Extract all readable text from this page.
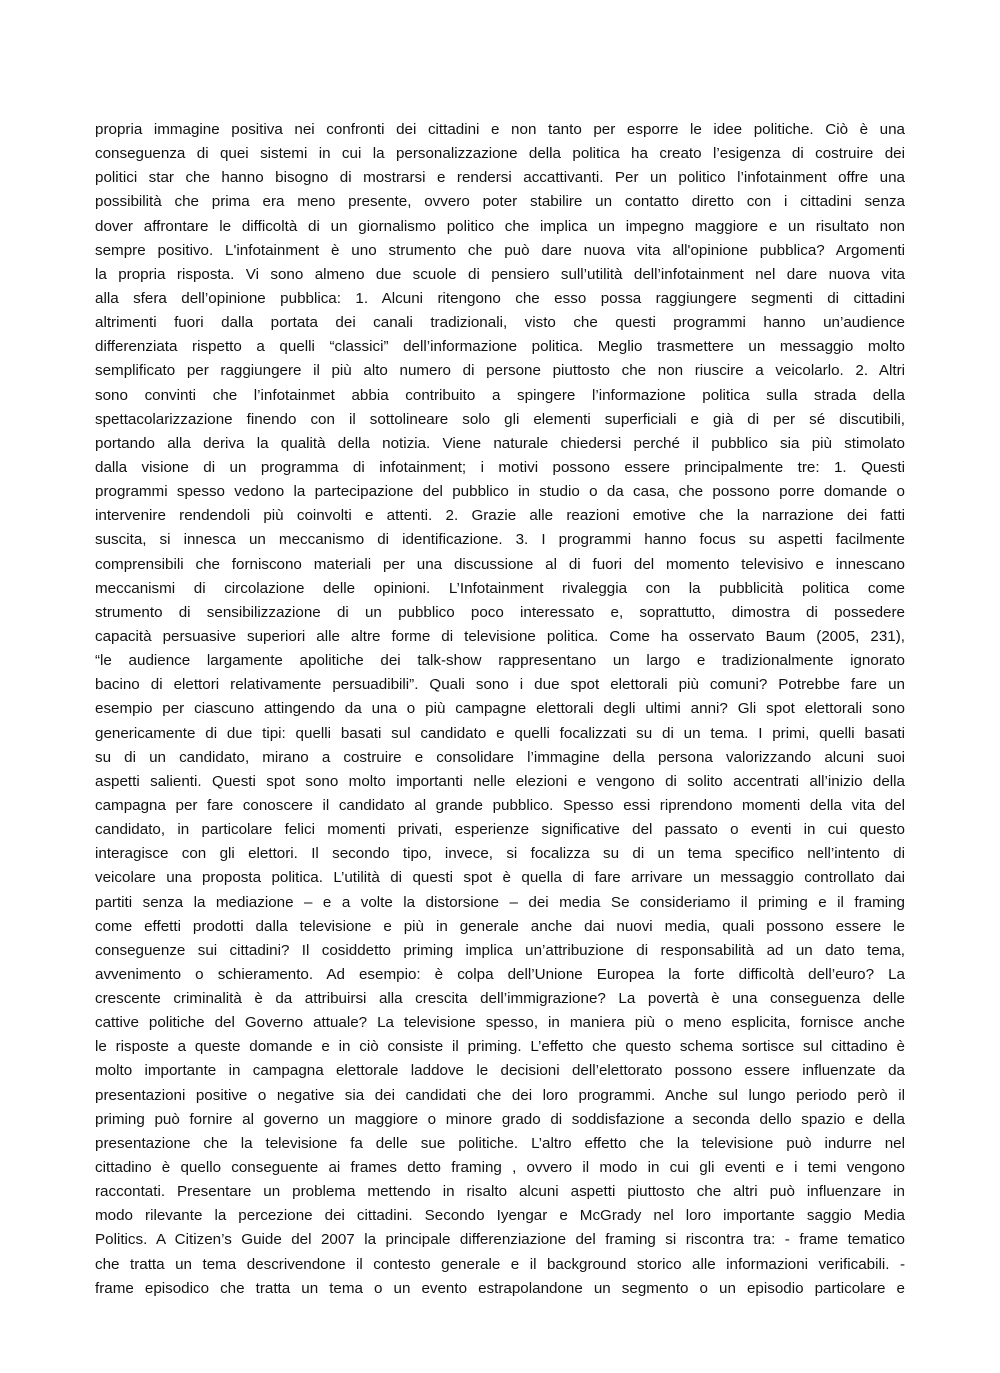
propria immagine positiva nei confronti dei cittadini e non tanto per esporre le idee politiche. Ciò è una
conseguenza di quei sistemi in cui la personalizzazione della politica ha creato l’esigenza di costruire dei
politici star che hanno bisogno di mostrarsi e rendersi accattivanti. Per un politico l’infotainment offre una
possibilità che prima era meno presente, ovvero poter stabilire un contatto diretto con i cittadini senza
dover affrontare le difficoltà di un giornalismo politico che implica un impegno maggiore e un risultato non
sempre positivo. L'infotainment è uno strumento che può dare nuova vita all'opinione pubblica? Argomenti
la propria risposta. Vi sono almeno due scuole di pensiero sull’utilità dell’infotainment nel dare nuova vita
alla sfera dell’opinione pubblica: 1. Alcuni ritengono che esso possa raggiungere segmenti di cittadini
altrimenti fuori dalla portata dei canali tradizionali, visto che questi programmi hanno un’audience
differenziata rispetto a quelli “classici” dell’informazione politica. Meglio trasmettere un messaggio molto
semplificato per raggiungere il più alto numero di persone piuttosto che non riuscire a veicolarlo. 2. Altri
sono convinti che l’infotainmet abbia contribuito a spingere l’informazione politica sulla strada della
spettacolarizzazione finendo con il sottolineare solo gli elementi superficiali e già di per sé discutibili,
portando alla deriva la qualità della notizia. Viene naturale chiedersi perché il pubblico sia più stimolato
dalla visione di un programma di infotainment; i motivi possono essere principalmente tre: 1. Questi
programmi spesso vedono la partecipazione del pubblico in studio o da casa, che possono porre domande o
intervenire rendendoli più coinvolti e attenti. 2. Grazie alle reazioni emotive che la narrazione dei fatti
suscita, si innesca un meccanismo di identificazione. 3. I programmi hanno focus su aspetti facilmente
comprensibili che forniscono materiali per una discussione al di fuori del momento televisivo e innescano
meccanismi di circolazione delle opinioni. L’Infotainment rivaleggia con la pubblicità politica come
strumento di sensibilizzazione di un pubblico poco interessato e, soprattutto, dimostra di possedere
capacità persuasive superiori alle altre forme di televisione politica. Come ha osservato Baum (2005, 231),
“le audience largamente apolitiche dei talk-show rappresentano un largo e tradizionalmente ignorato
bacino di elettori relativamente persuadibili”. Quali sono i due spot elettorali più comuni? Potrebbe fare un
esempio per ciascuno attingendo da una o più campagne elettorali degli ultimi anni? Gli spot elettorali sono
genericamente di due tipi: quelli basati sul candidato e quelli focalizzati su di un tema. I primi, quelli basati
su di un candidato, mirano a costruire e consolidare l’immagine della persona valorizzando alcuni suoi
aspetti salienti. Questi spot sono molto importanti nelle elezioni e vengono di solito accentrati all’inizio della
campagna per fare conoscere il candidato al grande pubblico. Spesso essi riprendono momenti della vita del
candidato, in particolare felici momenti privati, esperienze significative del passato o eventi in cui questo
interagisce con gli elettori. Il secondo tipo, invece, si focalizza su di un tema specifico nell’intento di
veicolare una proposta politica. L’utilità di questi spot è quella di fare arrivare un messaggio controllato dai
partiti senza la mediazione – e a volte la distorsione – dei media Se consideriamo il priming e il framing
come effetti prodotti dalla televisione e più in generale anche dai nuovi media, quali possono essere le
conseguenze sui cittadini? Il cosiddetto priming implica un’attribuzione di responsabilità ad un dato tema,
avvenimento o schieramento. Ad esempio: è colpa dell’Unione Europea la forte difficoltà dell’euro? La
crescente criminalità è da attribuirsi alla crescita dell’immigrazione? La povertà è una conseguenza delle
cattive politiche del Governo attuale? La televisione spesso, in maniera più o meno esplicita, fornisce anche
le risposte a queste domande e in ciò consiste il priming. L’effetto che questo schema sortisce sul cittadino è
molto importante in campagna elettorale laddove le decisioni dell’elettorato possono essere influenzate da
presentazioni positive o negative sia dei candidati che dei loro programmi. Anche sul lungo periodo però il
priming può fornire al governo un maggiore o minore grado di soddisfazione a seconda dello spazio e della
presentazione che la televisione fa delle sue politiche. L’altro effetto che la televisione può indurre nel
cittadino è quello conseguente ai frames detto framing , ovvero il modo in cui gli eventi e i temi vengono
raccontati. Presentare un problema mettendo in risalto alcuni aspetti piuttosto che altri può influenzare in
modo rilevante la percezione dei cittadini. Secondo Iyengar e McGrady nel loro importante saggio Media
Politics. A Citizen’s Guide del 2007 la principale differenziazione del framing si riscontra tra: - frame tematico
che tratta un tema descrivendone il contesto generale e il background storico alle informazioni verificabili. -
frame episodico che tratta un tema o un evento estrapolandone un segmento o un episodio particolare e
